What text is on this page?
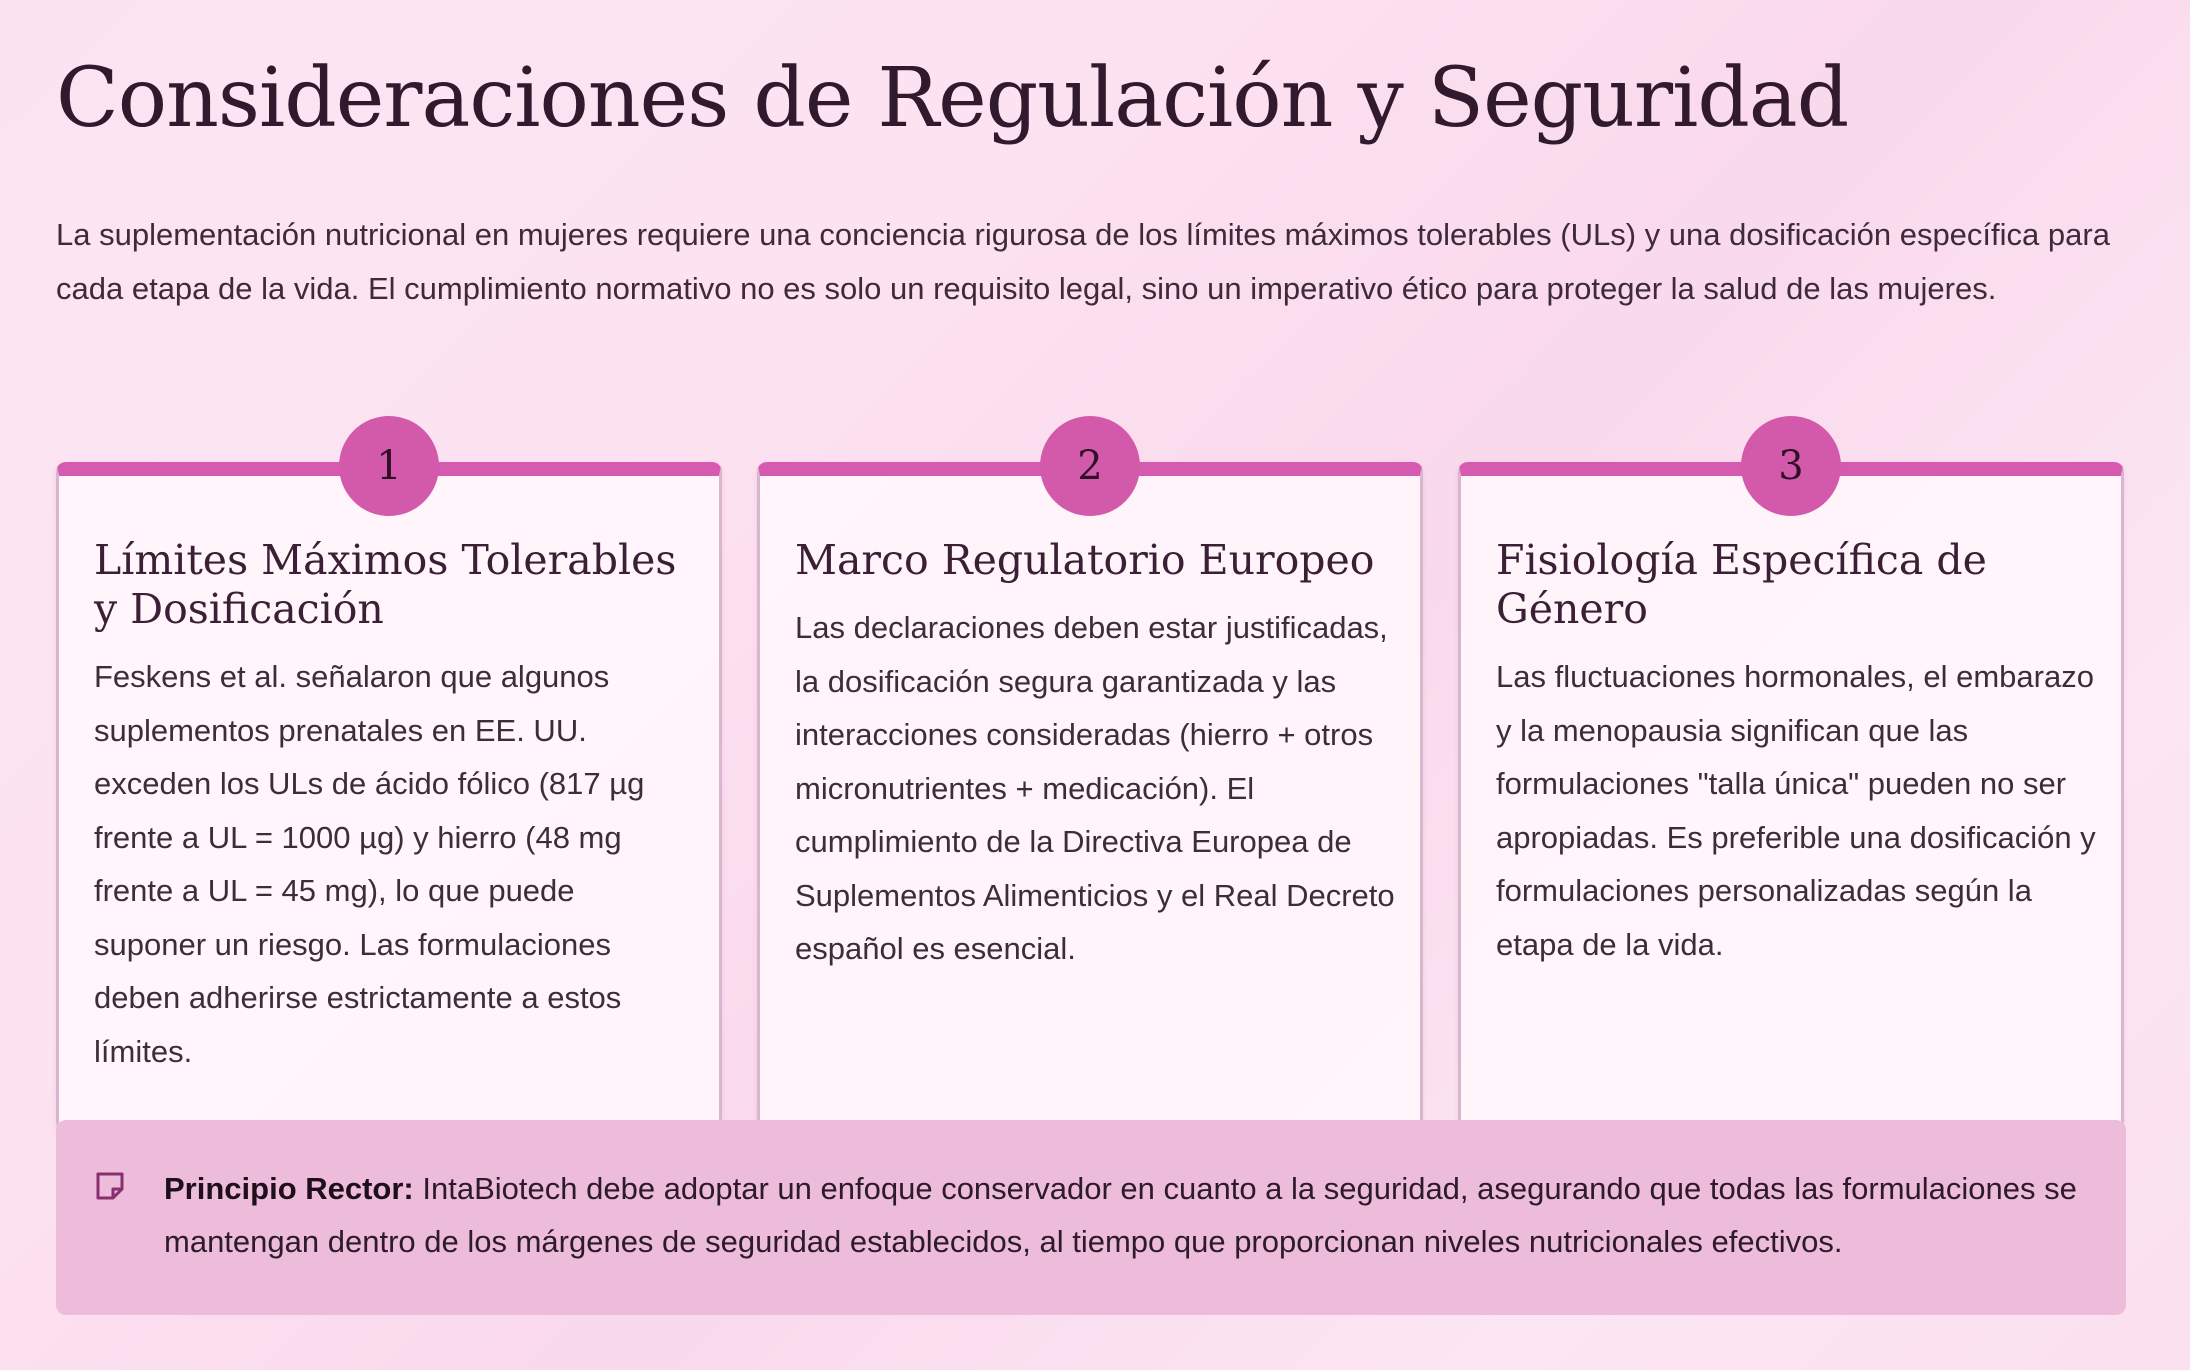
Consideraciones de Regulación y Seguridad

La suplementación nutricional en mujeres requiere una conciencia rigurosa de los límites máximos tolerables (ULs) y una dosificación específica para cada etapa de la vida. El cumplimiento normativo no es solo un requisito legal, sino un imperativo ético para proteger la salud de las mujeres.

1
Límites Máximos Tolerables y Dosificación

Feskens et al. señalaron que algunos suplementos prenatales en EE. UU. exceden los ULs de ácido fólico (817 µg frente a UL = 1000 µg) y hierro (48 mg frente a UL = 45 mg), lo que puede suponer un riesgo. Las formulaciones deben adherirse estrictamente a estos límites.

2
Marco Regulatorio Europeo

Las declaraciones deben estar justificadas, la dosificación segura garantizada y las interacciones consideradas (hierro + otros micronutrientes + medicación). El cumplimiento de la Directiva Europea de Suplementos Alimenticios y el Real Decreto español es esencial.

3
Fisiología Específica de Género

Las fluctuaciones hormonales, el embarazo y la menopausia significan que las formulaciones "talla única" pueden no ser apropiadas. Es preferible una dosificación y formulaciones personalizadas según la etapa de la vida.

Principio Rector: IntaBiotech debe adoptar un enfoque conservador en cuanto a la seguridad, asegurando que todas las formulaciones se mantengan dentro de los márgenes de seguridad establecidos, al tiempo que proporcionan niveles nutricionales efectivos.
